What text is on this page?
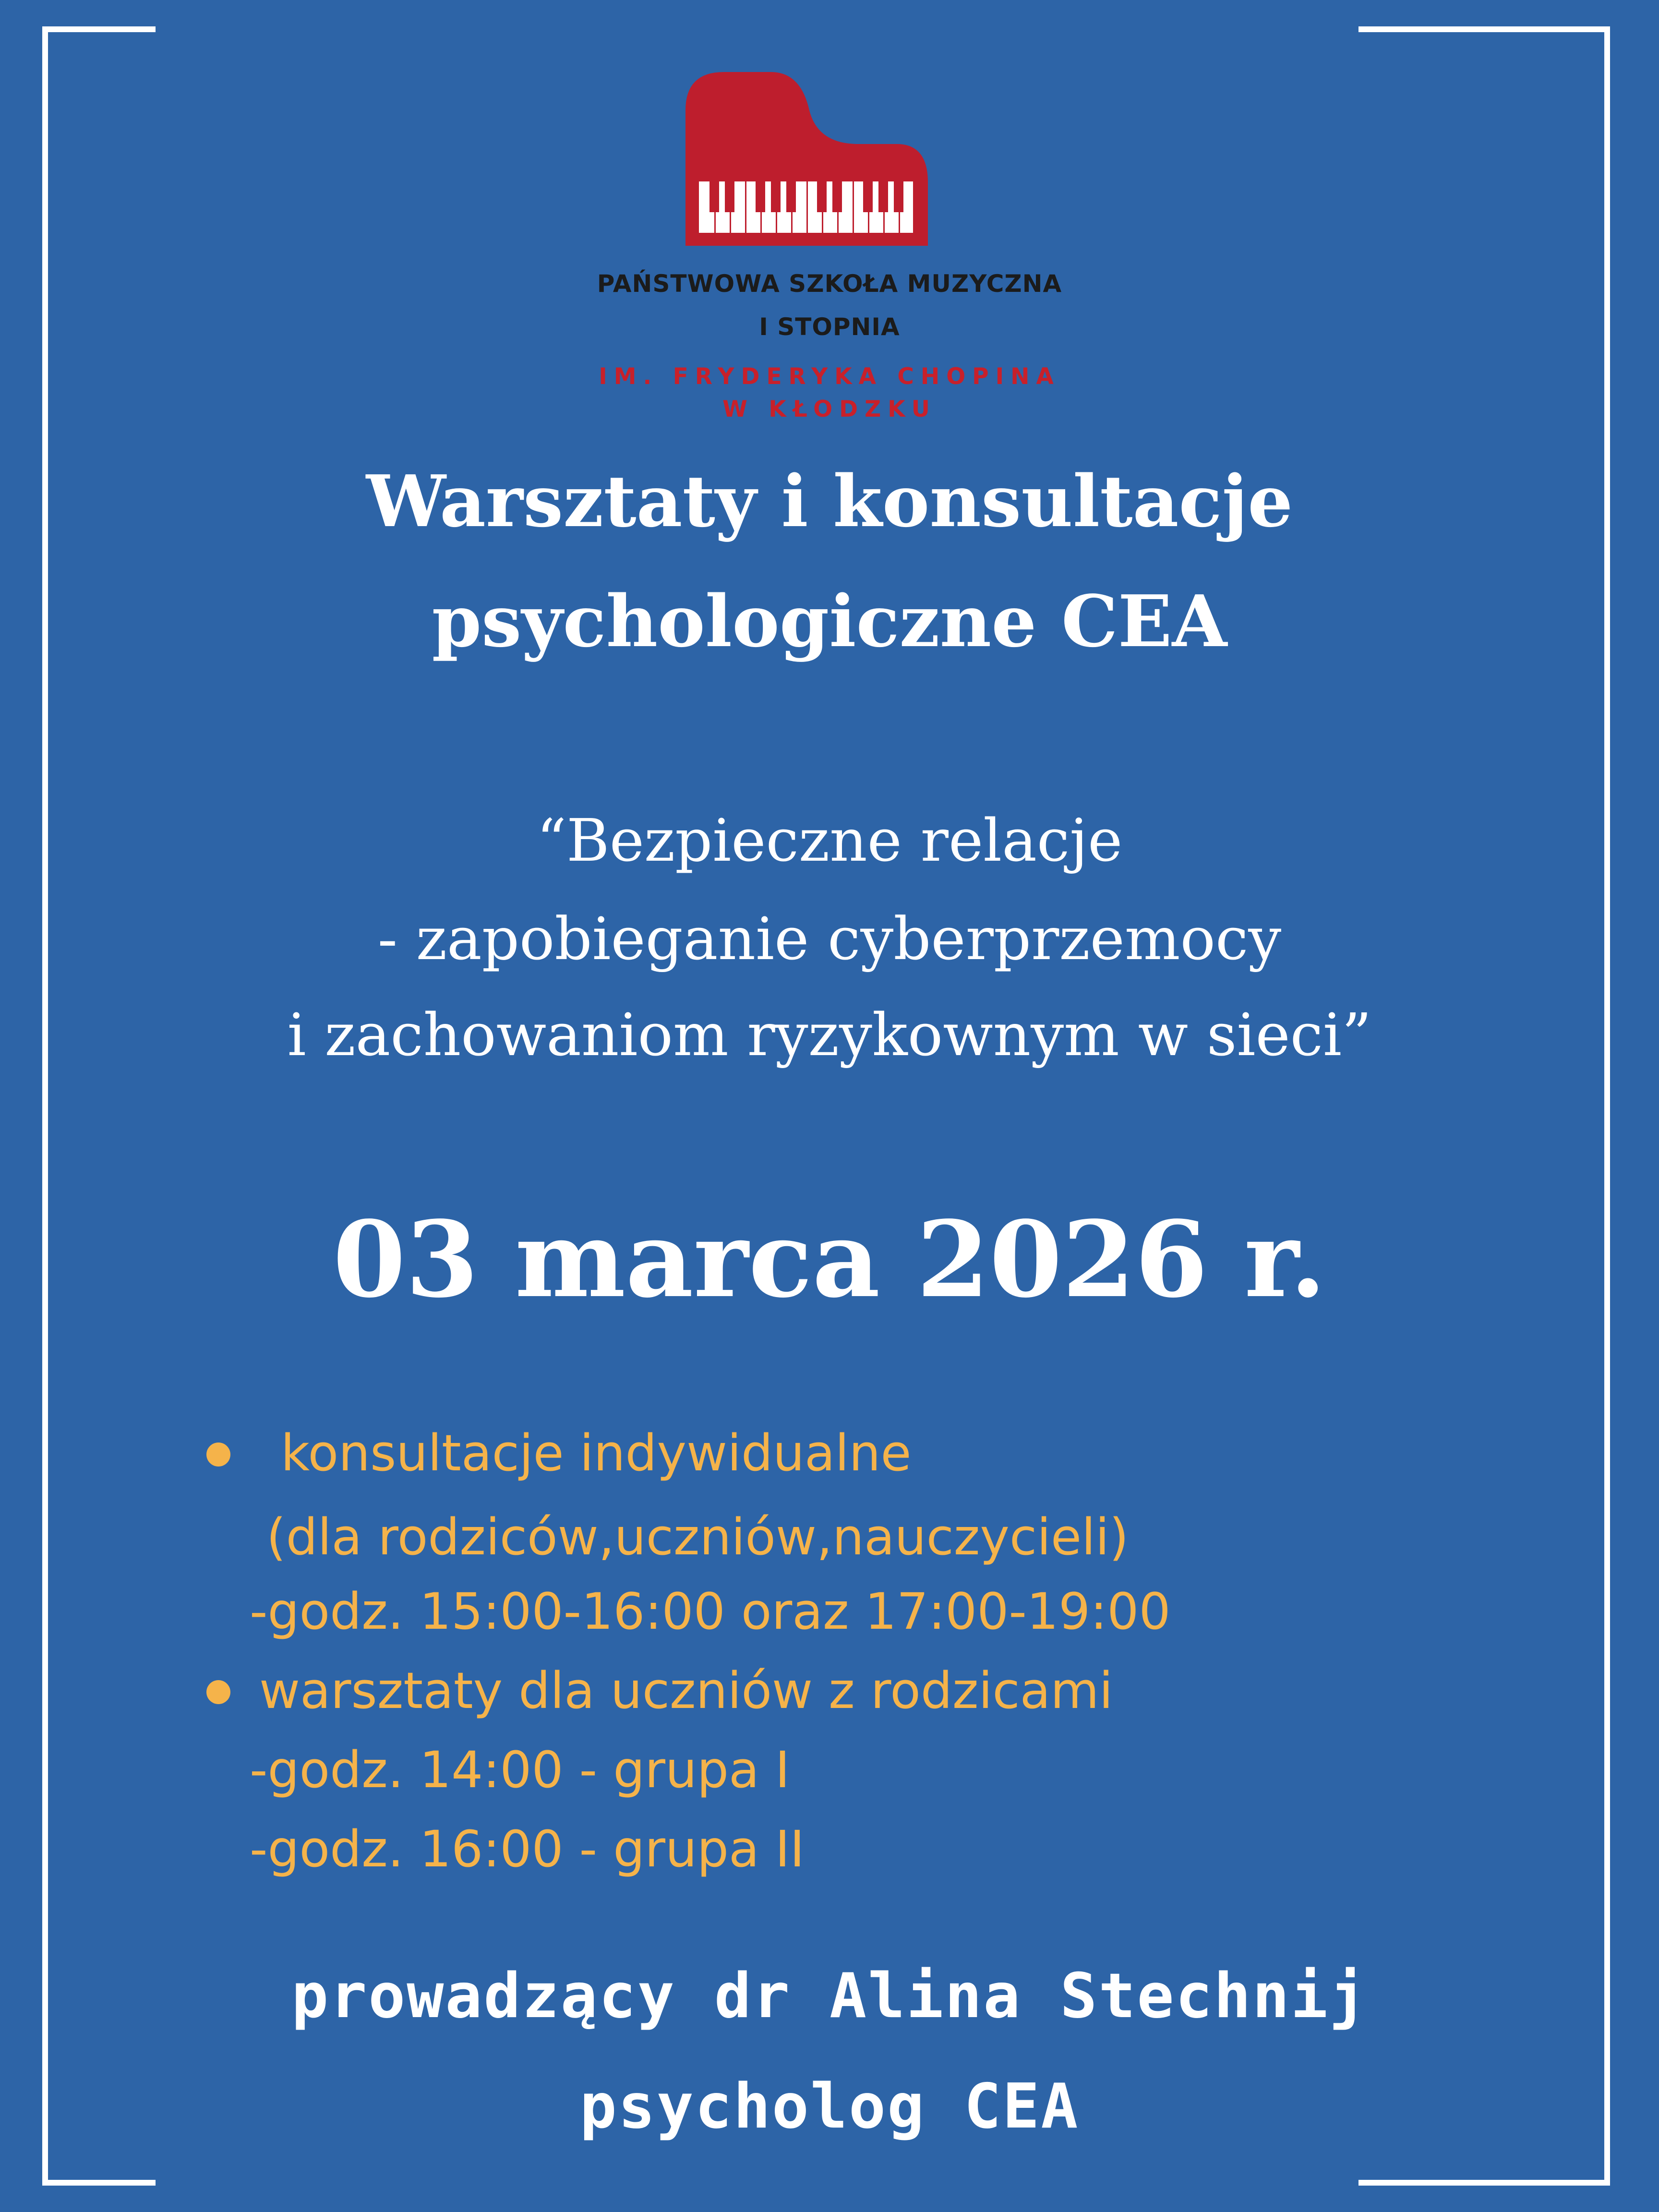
PAŃSTWOWA SZKOŁA MUZYCZNA
I STOPNIA
IM. FRYDERYKA CHOPINA
W KŁODZKU
Warsztaty i konsultacje
psychologiczne CEA
“Bezpieczne relacje
- zapobieganie cyberprzemocy
i zachowaniom ryzykownym w sieci”
03 marca 2026 r.
konsultacje indywidualne
(dla rodziców,uczniów,nauczycieli)
-godz. 15:00-16:00 oraz 17:00-19:00
warsztaty dla uczniów z rodzicami
-godz. 14:00 - grupa I
-godz. 16:00 - grupa II
prowadzący dr Alina Stechnij
psycholog CEA
